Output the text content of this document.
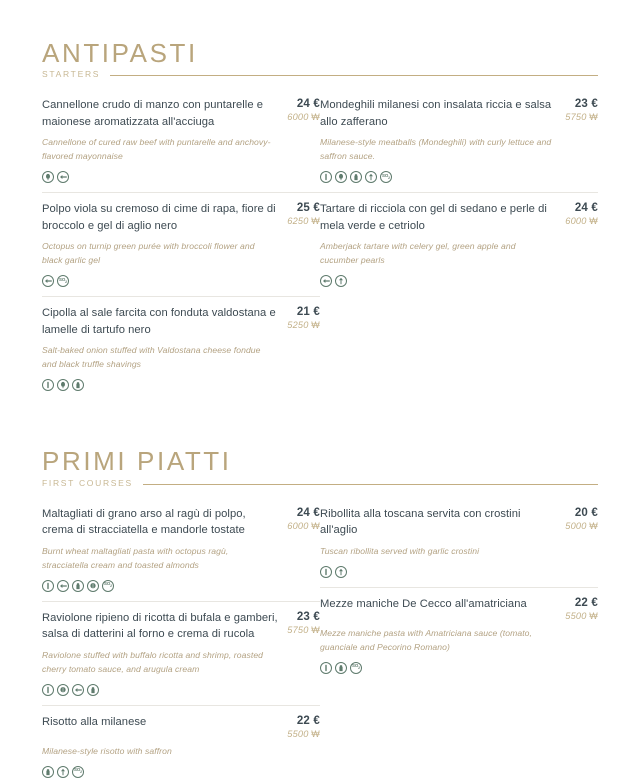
ANTIPASTI
STARTERS
Cannellone crudo di manzo con puntarelle e maionese aromatizzata all'acciuga
24 €
6000 ₩
Cannellone of cured raw beef with puntarelle and anchovy-flavored mayonnaise
Polpo viola su cremoso di cime di rapa, fiore di broccolo e gel di aglio nero
25 €
6250 ₩
Octopus on turnip green purée with broccoli flower and black garlic gel
$SO_2$
Cipolla al sale farcita con fonduta valdostana e lamelle di tartufo nero
21 €
5250 ₩
Salt-baked onion stuffed with Valdostana cheese fondue and black truffle shavings
Mondeghili milanesi con insalata riccia e salsa allo zafferano
23 €
5750 ₩
Milanese-style meatballs (Mondeghili) with curly lettuce and saffron sauce.
$SO_2$
Tartare di ricciola con gel di sedano e perle di mela verde e cetriolo
24 €
6000 ₩
Amberjack tartare with celery gel, green apple and cucumber pearls
PRIMI PIATTI
FIRST COURSES
Maltagliati di grano arso al ragù di polpo, crema di stracciatella e mandorle tostate
24 €
6000 ₩
Burnt wheat maltagliati pasta with octopus ragù, stracciatella cream and toasted almonds
$SO_2$
Raviolone ripieno di ricotta di bufala e gamberi, salsa di datterini al forno e crema di rucola
23 €
5750 ₩
Raviolone stuffed with buffalo ricotta and shrimp, roasted cherry tomato sauce, and arugula cream
Risotto alla milanese	22 €
5500 ₩
Milanese-style risotto with saffron
$SO_2$
Ribollita alla toscana servita con crostini all'aglio
20 €
5000 ₩
Tuscan ribollita served with garlic crostini
Mezze maniche De Cecco all'amatriciana	22 €
5500 ₩
Mezze maniche pasta with Amatriciana sauce (tomato, guanciale and Pecorino Romano)
$SO_2$
